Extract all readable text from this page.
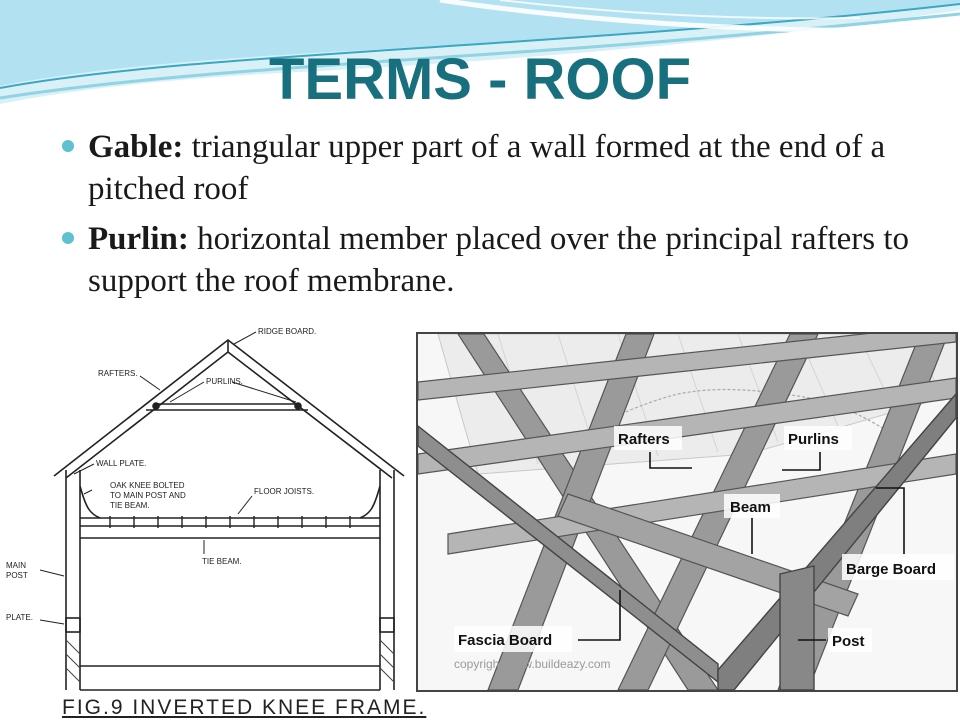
TERMS - ROOF
Gable: triangular upper part of a wall formed at the end of a pitched roof
Purlin: horizontal member placed over the principal rafters to support the roof membrane.
RIDGE BOARD.
RAFTERS.
PURLINS.
WALL PLATE.
OAK KNEE BOLTED
TO MAIN POST AND
TIE BEAM.
FLOOR JOISTS.
TIE BEAM.
MAIN
POST
PLATE.

FIG.9 INVERTED KNEE FRAME.

Rafters	Purlins
Beam
Barge Board
Fascia Board	Post
copyright www.buildeazy.com
